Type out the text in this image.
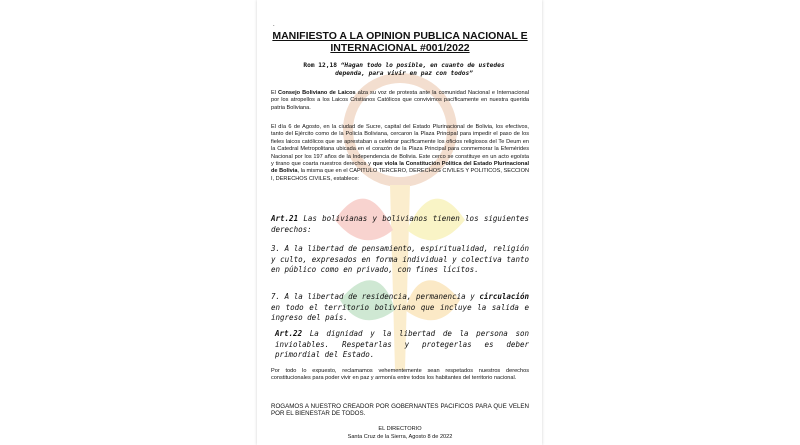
.
MANIFIESTO A LA OPINION PUBLICA NACIONAL E INTERNACIONAL #001/2022
Rom 12,18 “Hagan todo lo posible, en cuanto de ustedes dependa, para vivir en paz con todos”
El Consejo Boliviano de Laicos alza su voz de protesta ante la comunidad Nacional e Internacional por los atropellos a los Laicos Cristianos Católicos que convivimos pacíficamente en nuestra querida patria Boliviana.
El día 6 de Agosto, en la ciudad de Sucre, capital del Estado Plurinacional de Bolivia, los efectivos, tanto del Ejército como de la Policía Boliviana, cercaron la Plaza Principal para impedir el paso de los fieles laicos católicos que se aprestaban a celebrar pacíficamente los oficios religiosos del Te Deum en la Catedral Metropolitana ubicada en el corazón de la Plaza Principal para conmemorar la Efemérides Nacional por los 197 años de la Independencia de Bolivia. Este cerco se constituye en un acto egoísta y tirano que coarta nuestros derechos y que viola la Constitución Política del Estado Plurinacional de Bolivia, la misma que en el CAPITULO TERCERO, DERECHOS CIVILES Y POLITICOS, SECCION I, DERECHOS CIVILES, establece:
Art.21 Las bolivianas y bolivianos tienen los siguientes derechos:
3. A la libertad de pensamiento, espiritualidad, religión y culto, expresados en forma individual y colectiva tanto en público como en privado, con fines lícitos.
7. A la libertad de residencia, permanencia y circulación en todo el territorio boliviano que incluye la salida e ingreso del país.
Art.22 La dignidad y la libertad de la persona son inviolables. Respetarlas y protegerlas es deber primordial del Estado.
Por todo lo expuesto, reclamamos vehementemente sean respetados nuestros derechos constitucionales para poder vivir en paz y armonía entre todos los habitantes del territorio nacional.
ROGAMOS A NUESTRO CREADOR POR GOBERNANTES PACIFICOS PARA QUE VELEN POR EL BIENESTAR DE TODOS.
EL DIRECTORIO
Santa Cruz de la Sierra, Agosto 8 de 2022
